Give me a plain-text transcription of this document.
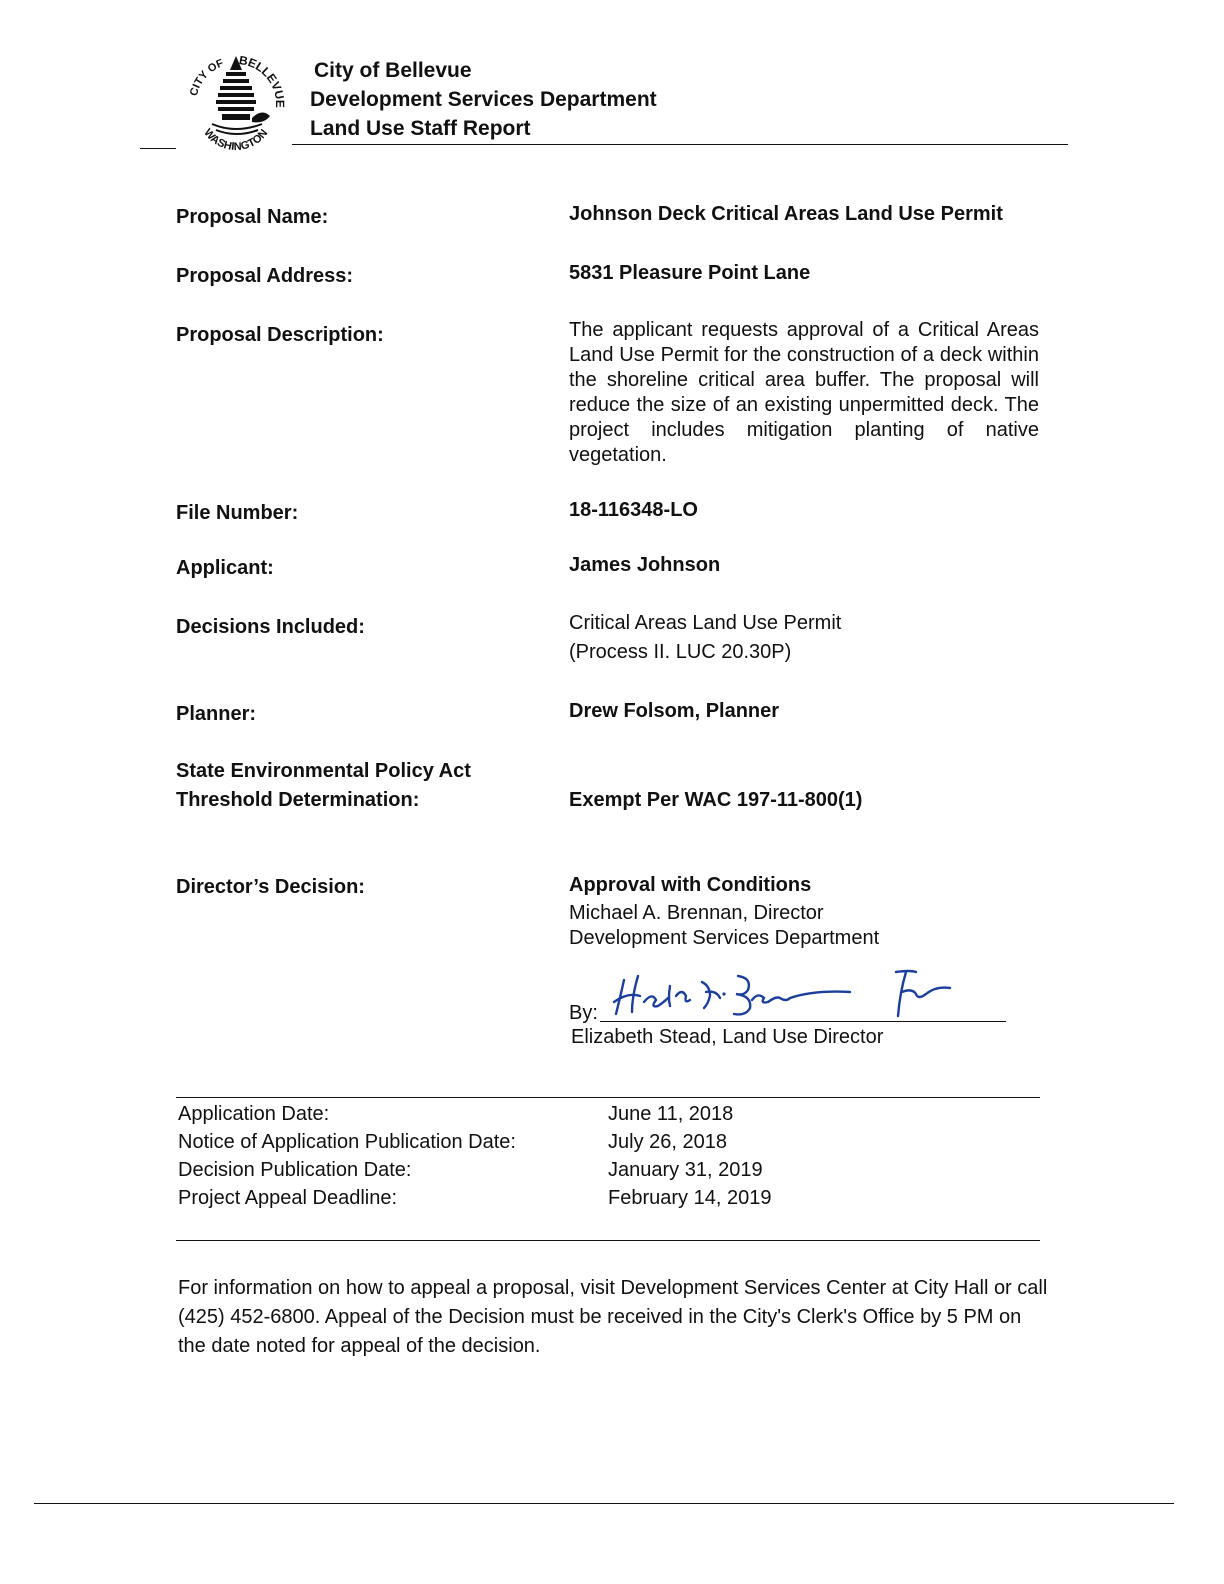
CITY OF BELLEVUE
WASHINGTON
City of Bellevue
Development Services Department
Land Use Staff Report
Proposal Name:	Johnson Deck Critical Areas Land Use Permit
Proposal Address:	5831 Pleasure Point Lane
Proposal Description:	The applicant requests approval of a Critical Areas Land Use Permit for the construction of a deck within the shoreline critical area buffer. The proposal will reduce the size of an existing unpermitted deck. The project includes mitigation planting of native vegetation.
File Number:	18-116348-LO
Applicant:	James Johnson
Decisions Included:	Critical Areas Land Use Permit
(Process II. LUC 20.30P)
Planner:	Drew Folsom, Planner
State Environmental Policy Act
Threshold Determination:	Exempt Per WAC 197-11-800(1)
Director’s Decision:	Approval with Conditions
Michael A. Brennan, Director
Development Services Department
By:
Elizabeth Stead, Land Use Director
Application Date:	June 11, 2018
Notice of Application Publication Date:	July 26, 2018
Decision Publication Date:	January 31, 2019
Project Appeal Deadline:	February 14, 2019
For information on how to appeal a proposal, visit Development Services Center at City Hall or call (425) 452-6800. Appeal of the Decision must be received in the City's Clerk's Office by 5 PM on the date noted for appeal of the decision.
